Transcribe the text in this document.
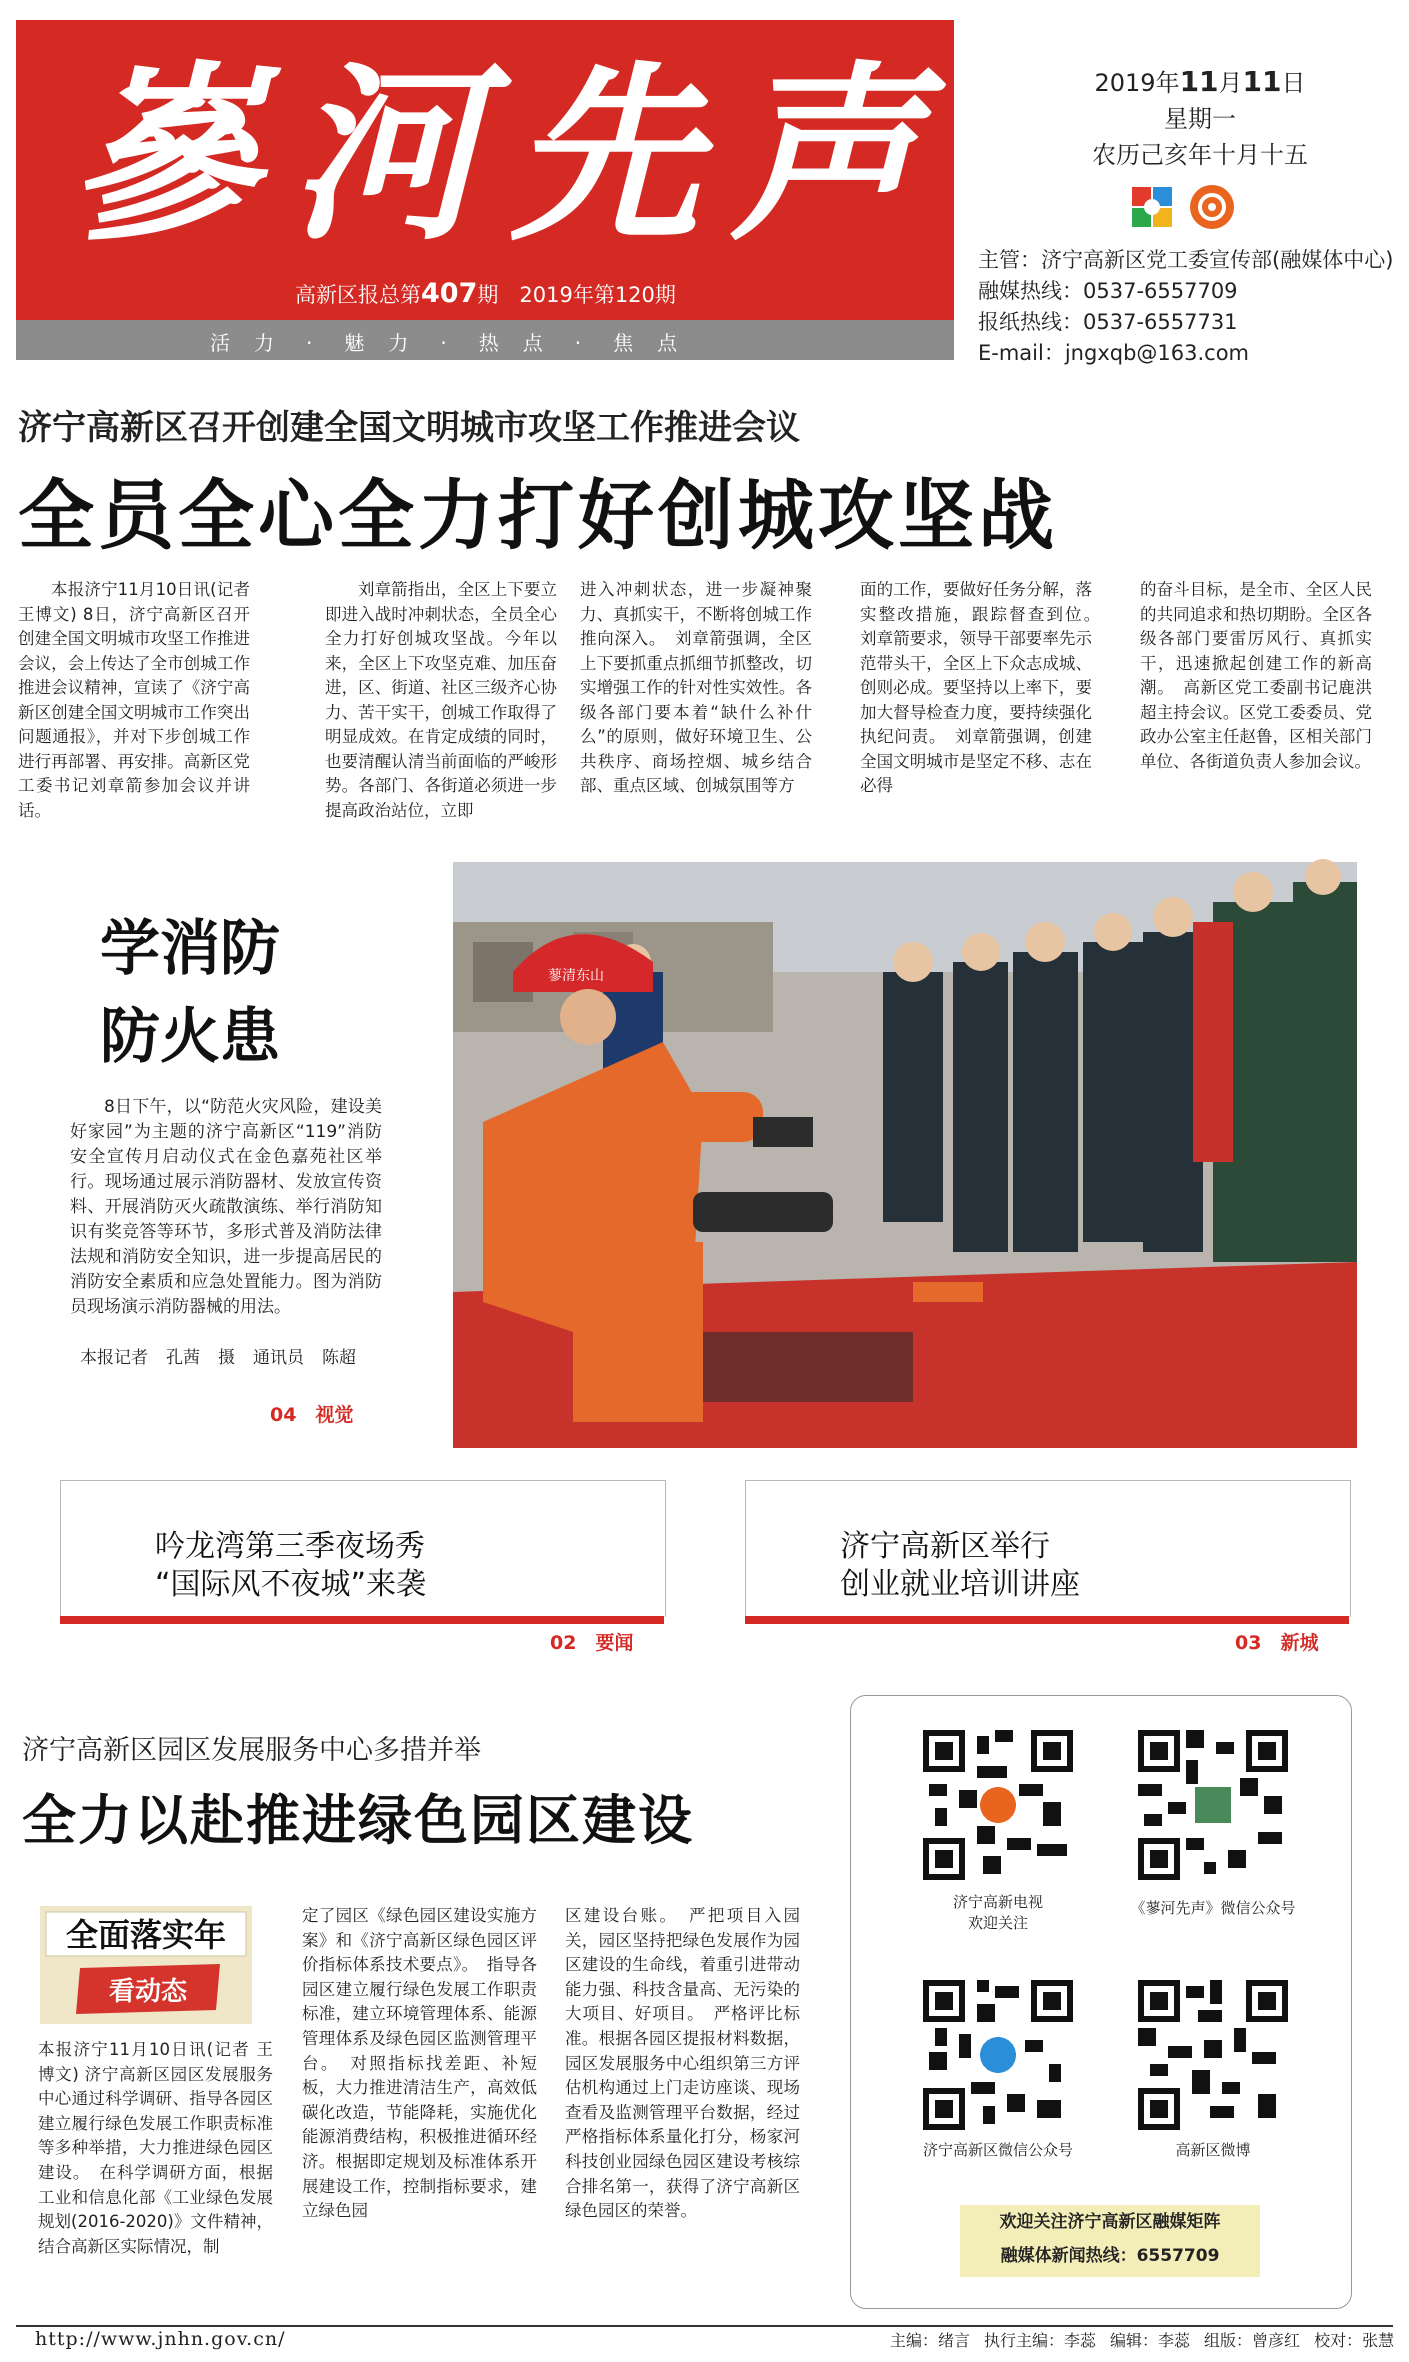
嵾河先声
高新区报总第407期　 2019年第120期
活　力 · 魅　力 · 热　点 · 焦　点
2019年11月11日
星期一
农历己亥年十月十五
主管：济宁高新区党工委宣传部(融媒体中心)
融媒热线：0537-6557709
报纸热线：0537-6557731
E-mail：jngxqb@163.com
济宁高新区召开创建全国文明城市攻坚工作推进会议
全员全心全力打好创城攻坚战

本报济宁11月10日讯(记者 王博文) 8日，济宁高新区召开创建全国文明城市攻坚工作推进会议，会上传达了全市创城工作推进会议精神，宣读了《济宁高新区创建全国文明城市工作突出问题通报》，并对下步创城工作进行再部署、再安排。高新区党工委书记刘章箭参加会议并讲话。

刘章箭指出，全区上下要立即进入战时冲刺状态，全员全心全力打好创城攻坚战。今年以来，全区上下攻坚克难、加压奋进，区、街道、社区三级齐心协力、苦干实干，创城工作取得了明显成效。在肯定成绩的同时，也要清醒认清当前面临的严峻形势。各部门、各街道必须进一步提高政治站位，立即

进入冲刺状态，进一步凝神聚力、真抓实干，不断将创城工作推向深入。　刘章箭强调，全区上下要抓重点抓细节抓整改，切实增强工作的针对性实效性。各级各部门要本着“缺什么补什么”的原则，做好环境卫生、公共秩序、商场控烟、城乡结合部、重点区域、创城氛围等方

面的工作，要做好任务分解，落实整改措施，跟踪督查到位。　刘章箭要求，领导干部要率先示范带头干，全区上下众志成城、创则必成。要坚持以上率下，要加大督导检查力度，要持续强化执纪问责。　刘章箭强调，创建全国文明城市是坚定不移、志在必得

的奋斗目标，是全市、全区人民的共同追求和热切期盼。全区各级各部门要雷厉风行、真抓实干，迅速掀起创建工作的新高潮。　高新区党工委副书记鹿洪超主持会议。区党工委委员、党政办公室主任赵鲁，区相关部门单位、各街道负责人参加会议。

学消防
防火患

8日下午，以“防范火灾风险，建设美好家园”为主题的济宁高新区“119”消防安全宣传月启动仪式在金色嘉苑社区举行。现场通过展示消防器材、发放宣传资料、开展消防灭火疏散演练、举行消防知识有奖竞答等环节，多形式普及消防法律法规和消防安全知识，进一步提高居民的消防安全素质和应急处置能力。图为消防员现场演示消防器械的用法。

本报记者 孔茜 摄 通讯员 陈超
04　视觉
蓼清东山
吟龙湾第三季夜场秀
“国际风不夜城”来袭
02　要闻
济宁高新区举行
创业就业培训讲座
03　新城
济宁高新区园区发展服务中心多措并举
全力以赴推进绿色园区建设
全面落实年
看动态

本报济宁11月10日讯(记者 王博文) 济宁高新区园区发展服务中心通过科学调研、指导各园区建立履行绿色发展工作职责标准等多种举措，大力推进绿色园区建设。　在科学调研方面，根据工业和信息化部《工业绿色发展规划(2016-2020)》文件精神，结合高新区实际情况，制

定了园区《绿色园区建设实施方案》和《济宁高新区绿色园区评价指标体系技术要点》。　指导各园区建立履行绿色发展工作职责标准，建立环境管理体系、能源管理体系及绿色园区监测管理平台。　对照指标找差距、补短板，大力推进清洁生产，高效低碳化改造，节能降耗，实施优化能源消费结构，积极推进循环经济。根据即定规划及标准体系开展建设工作，控制指标要求，建立绿色园

区建设台账。　严把项目入园关，园区坚持把绿色发展作为园区建设的生命线，着重引进带动能力强、科技含量高、无污染的大项目、好项目。　严格评比标准。根据各园区提报材料数据，园区发展服务中心组织第三方评估机构通过上门走访座谈、现场查看及监测管理平台数据，经过严格指标体系量化打分，杨家河科技创业园绿色园区建设考核综合排名第一，获得了济宁高新区绿色园区的荣誉。

济宁高新电视
欢迎关注
《蓼河先声》微信公众号
济宁高新区微信公众号	高新区微博
欢迎关注济宁高新区融媒矩阵
融媒体新闻热线：6557709
http://www.jnhn.gov.cn/	主编：绪言 执行主编：李蕊 编辑：李蕊 组版：曾彦红 校对：张慧
